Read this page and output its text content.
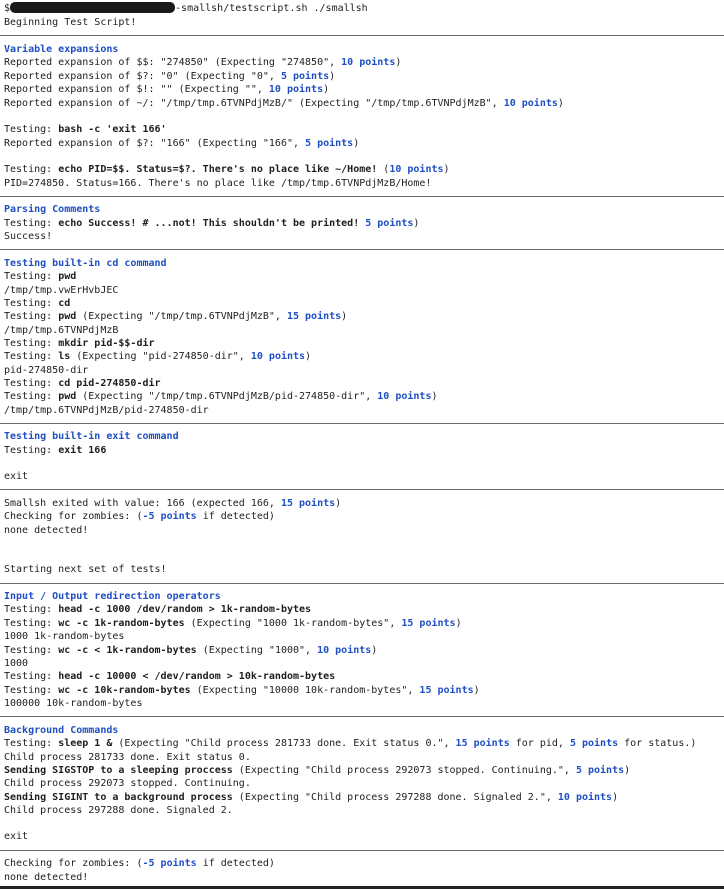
$	-smallsh/testscript.sh ./smallsh
Beginning Test Script!
Variable expansions
Reported expansion of $$: "274850" (Expecting "274850", 10 points)
Reported expansion of $?: "0" (Expecting "0", 5 points)
Reported expansion of $!: "" (Expecting "", 10 points)
Reported expansion of ~/: "/tmp/tmp.6TVNPdjMzB/" (Expecting "/tmp/tmp.6TVNPdjMzB", 10 points)
Testing: bash -c 'exit 166'
Reported expansion of $?: "166" (Expecting "166", 5 points)
Testing: echo PID=$$. Status=$?. There's no place like ~/Home! (10 points)
PID=274850. Status=166. There's no place like /tmp/tmp.6TVNPdjMzB/Home!
Parsing Comments
Testing: echo Success! # ...not! This shouldn't be printed! 5 points)
Success!
Testing built-in cd command
Testing: pwd
/tmp/tmp.vwErHvbJEC
Testing: cd
Testing: pwd (Expecting "/tmp/tmp.6TVNPdjMzB", 15 points)
/tmp/tmp.6TVNPdjMzB
Testing: mkdir pid-$$-dir
Testing: ls (Expecting "pid-274850-dir", 10 points)
pid-274850-dir
Testing: cd pid-274850-dir
Testing: pwd (Expecting "/tmp/tmp.6TVNPdjMzB/pid-274850-dir", 10 points)
/tmp/tmp.6TVNPdjMzB/pid-274850-dir
Testing built-in exit command
Testing: exit 166
exit
Smallsh exited with value: 166 (expected 166, 15 points)
Checking for zombies: (-5 points if detected)
none detected!
Starting next set of tests!
Input / Output redirection operators
Testing: head -c 1000 /dev/random > 1k-random-bytes
Testing: wc -c 1k-random-bytes (Expecting "1000 1k-random-bytes", 15 points)
1000 1k-random-bytes
Testing: wc -c < 1k-random-bytes (Expecting "1000", 10 points)
1000
Testing: head -c 10000 < /dev/random > 10k-random-bytes
Testing: wc -c 10k-random-bytes (Expecting "10000 10k-random-bytes", 15 points)
100000 10k-random-bytes
Background Commands
Testing: sleep 1 & (Expecting "Child process 281733 done. Exit status 0.", 15 points for pid, 5 points for status.)
Child process 281733 done. Exit status 0.
Sending SIGSTOP to a sleeping proccess (Expecting "Child process 292073 stopped. Continuing.", 5 points)
Child process 292073 stopped. Continuing.
Sending SIGINT to a background process (Expecting "Child process 297288 done. Signaled 2.", 10 points)
Child process 297288 done. Signaled 2.
exit
Checking for zombies: (-5 points if detected)
none detected!
